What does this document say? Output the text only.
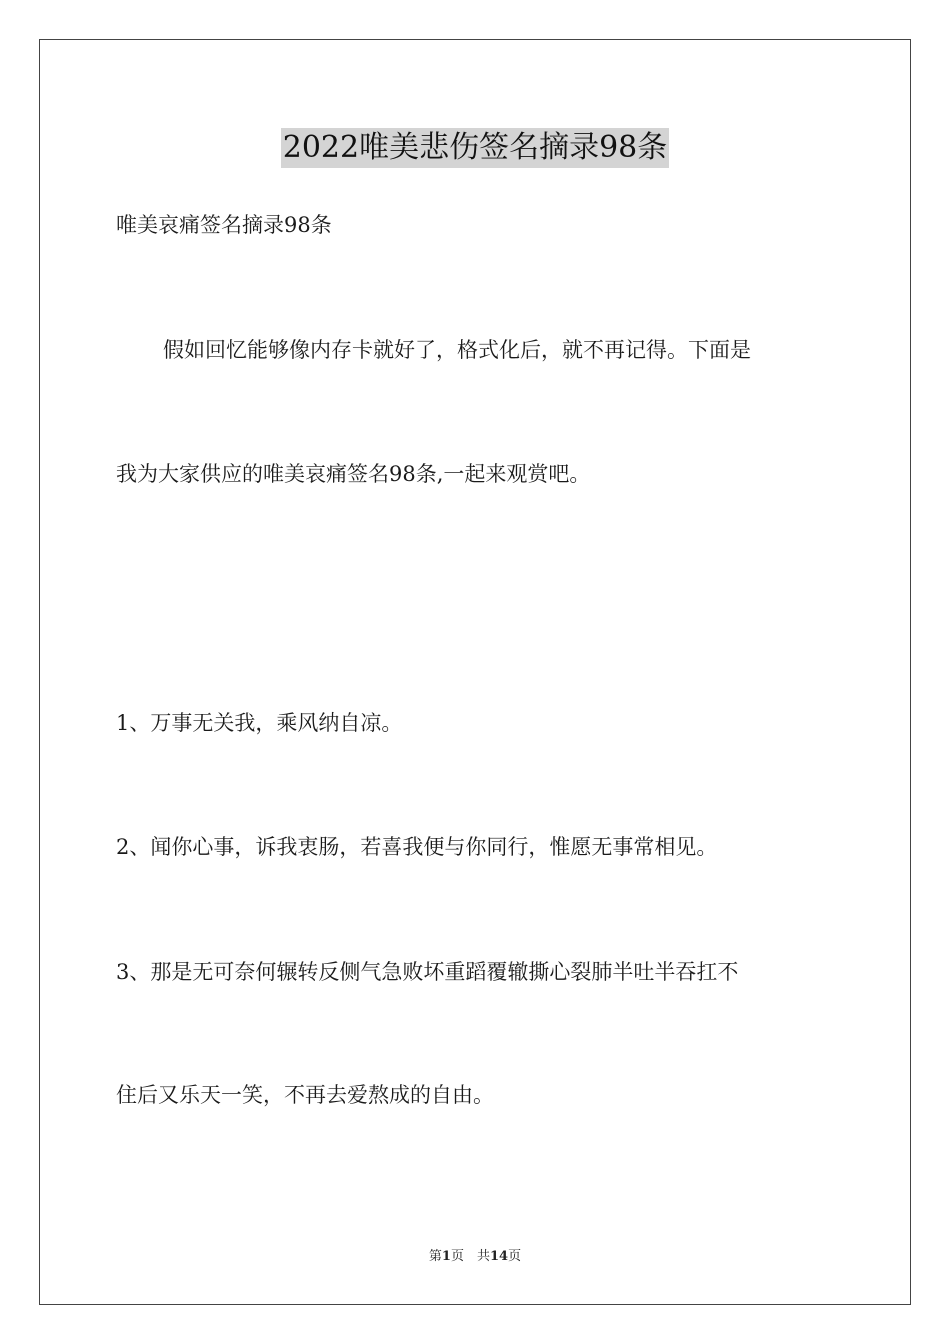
2022唯美悲伤签名摘录98条
唯美哀痛签名摘录98条
假如回忆能够像内存卡就好了，格式化后，就不再记得。下面是
我为大家供应的唯美哀痛签名98条,一起来观赏吧。
1、万事无关我，乘风纳自凉。
2、闻你心事，诉我衷肠，若喜我便与你同行，惟愿无事常相见。
3、那是无可奈何辗转反侧气急败坏重蹈覆辙撕心裂肺半吐半吞扛不
住后又乐天一笑，不再去爱熬成的自由。
第1页　共14页
